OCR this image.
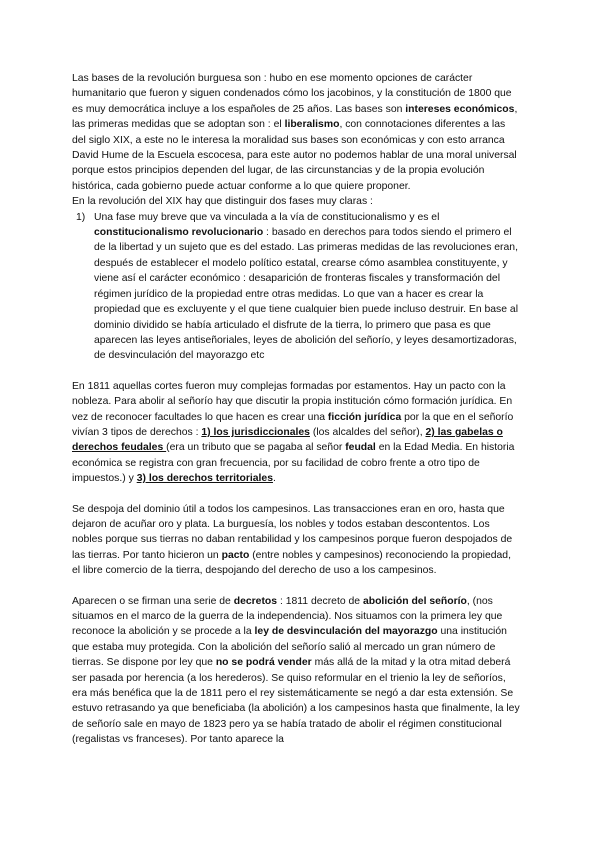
Las bases de la revolución burguesa son : hubo en ese momento opciones de carácter humanitario que fueron y siguen condenados cómo los jacobinos, y la constitución de 1800 que es muy democrática incluye a los españoles de 25 años. Las bases son intereses económicos, las primeras medidas que se adoptan son : el liberalismo, con connotaciones diferentes a las del siglo XIX, a este no le interesa la moralidad sus bases son económicas y con esto arranca David Hume de la Escuela escocesa, para este autor no podemos hablar de una moral universal porque estos principios dependen del lugar, de las circunstancias y de la propia evolución histórica, cada gobierno puede actuar conforme a lo que quiere proponer.

En la revolución del XIX hay que distinguir dos fases muy claras :

1) Una fase muy breve que va vinculada a la vía de constitucionalismo y es el constitucionalismo revolucionario : basado en derechos para todos siendo el primero el de la libertad y un sujeto que es del estado. Las primeras medidas de las revoluciones eran, después de establecer el modelo político estatal, crearse cómo asamblea constituyente, y viene así el carácter económico : desaparición de fronteras fiscales y transformación del régimen jurídico de la propiedad entre otras medidas. Lo que van a hacer es crear la propiedad que es excluyente y el que tiene cualquier bien puede incluso destruir. En base al dominio dividido se había articulado el disfrute de la tierra, lo primero que pasa es que aparecen las leyes antiseñoriales, leyes de abolición del señorío, y leyes desamortizadoras, de desvinculación del mayorazgo etc

En 1811 aquellas cortes fueron muy complejas formadas por estamentos. Hay un pacto con la nobleza. Para abolir al señorío hay que discutir la propia institución cómo formación jurídica. En vez de reconocer facultades lo que hacen es crear una ficción jurídica por la que en el señorío vivían 3 tipos de derechos : 1) los jurisdiccionales (los alcaldes del señor), 2) las gabelas o derechos feudales (era un tributo que se pagaba al señor feudal en la Edad Media. En historia económica se registra con gran frecuencia, por su facilidad de cobro frente a otro tipo de impuestos.) y 3) los derechos territoriales.

Se despoja del dominio útil a todos los campesinos. Las transacciones eran en oro, hasta que dejaron de acuñar oro y plata. La burguesía, los nobles y todos estaban descontentos. Los nobles porque sus tierras no daban rentabilidad y los campesinos porque fueron despojados de las tierras. Por tanto hicieron un pacto (entre nobles y campesinos) reconociendo la propiedad, el libre comercio de la tierra, despojando del derecho de uso a los campesinos.

Aparecen o se firman una serie de decretos : 1811 decreto de abolición del señorío, (nos situamos en el marco de la guerra de la independencia). Nos situamos con la primera ley que reconoce la abolición y se procede a la ley de desvinculación del mayorazgo una institución que estaba muy protegida. Con la abolición del señorío salió al mercado un gran número de tierras. Se dispone por ley que no se podrá vender más allá de la mitad y la otra mitad deberá ser pasada por herencia (a los herederos). Se quiso reformular en el trienio la ley de señoríos, era más benéfica que la de 1811 pero el rey sistemáticamente se negó a dar esta extensión. Se estuvo retrasando ya que beneficiaba (la abolición) a los campesinos hasta que finalmente, la ley de señorío sale en mayo de 1823 pero ya se había tratado de abolir el régimen constitucional (regalistas vs franceses). Por tanto aparece la
